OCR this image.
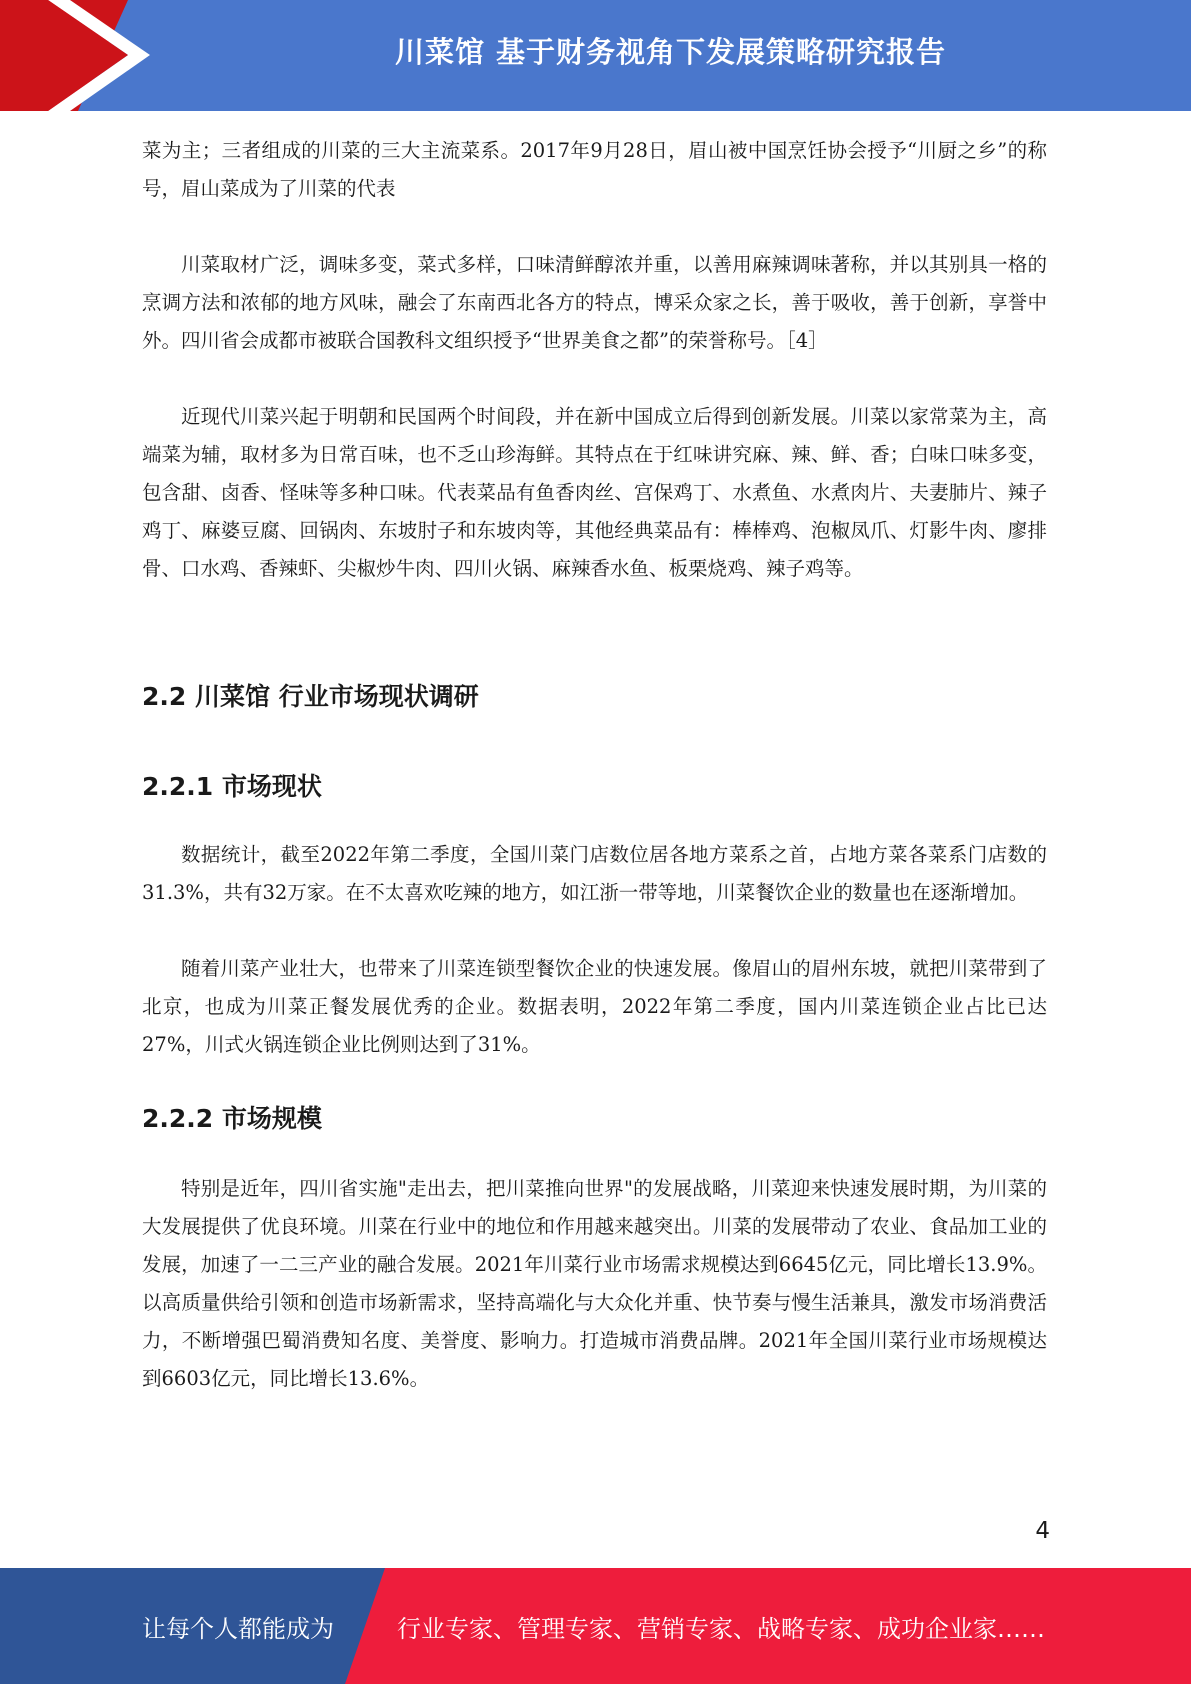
川菜馆 基于财务视角下发展策略研究报告

菜为主；三者组成的川菜的三大主流菜系。2017年9月28日，眉山被中国烹饪协会授予“川厨之乡”的称号，眉山菜成为了川菜的代表

川菜取材广泛，调味多变，菜式多样，口味清鲜醇浓并重，以善用麻辣调味著称，并以其别具一格的烹调方法和浓郁的地方风味，融会了东南西北各方的特点，博采众家之长，善于吸收，善于创新，享誉中外。四川省会成都市被联合国教科文组织授予“世界美食之都”的荣誉称号。［4］

近现代川菜兴起于明朝和民国两个时间段，并在新中国成立后得到创新发展。川菜以家常菜为主，高端菜为辅，取材多为日常百味，也不乏山珍海鲜。其特点在于红味讲究麻、辣、鲜、香；白味口味多变，包含甜、卤香、怪味等多种口味。代表菜品有鱼香肉丝、宫保鸡丁、水煮鱼、水煮肉片、夫妻肺片、辣子鸡丁、麻婆豆腐、回锅肉、东坡肘子和东坡肉等，其他经典菜品有：棒棒鸡、泡椒凤爪、灯影牛肉、廖排骨、口水鸡、香辣虾、尖椒炒牛肉、四川火锅、麻辣香水鱼、板栗烧鸡、辣子鸡等。

2.2 川菜馆 行业市场现状调研
2.2.1 市场现状

数据统计，截至2022年第二季度，全国川菜门店数位居各地方菜系之首，占地方菜各菜系门店数的31.3%，共有32万家。在不太喜欢吃辣的地方，如江浙一带等地，川菜餐饮企业的数量也在逐渐增加。

随着川菜产业壮大，也带来了川菜连锁型餐饮企业的快速发展。像眉山的眉州东坡，就把川菜带到了北京，也成为川菜正餐发展优秀的企业。数据表明，2022年第二季度，国内川菜连锁企业占比已达27%，川式火锅连锁企业比例则达到了31%。

2.2.2 市场规模

特别是近年，四川省实施"走出去，把川菜推向世界"的发展战略，川菜迎来快速发展时期，为川菜的大发展提供了优良环境。川菜在行业中的地位和作用越来越突出。川菜的发展带动了农业、食品加工业的发展，加速了一二三产业的融合发展。2021年川菜行业市场需求规模达到6645亿元，同比增长13.9%。以高质量供给引领和创造市场新需求，坚持高端化与大众化并重、快节奏与慢生活兼具，激发市场消费活力，不断增强巴蜀消费知名度、美誉度、影响力。打造城市消费品牌。2021年全国川菜行业市场规模达到6603亿元，同比增长13.6%。

4
让每个人都能成为	行业专家、管理专家、营销专家、战略专家、成功企业家……
